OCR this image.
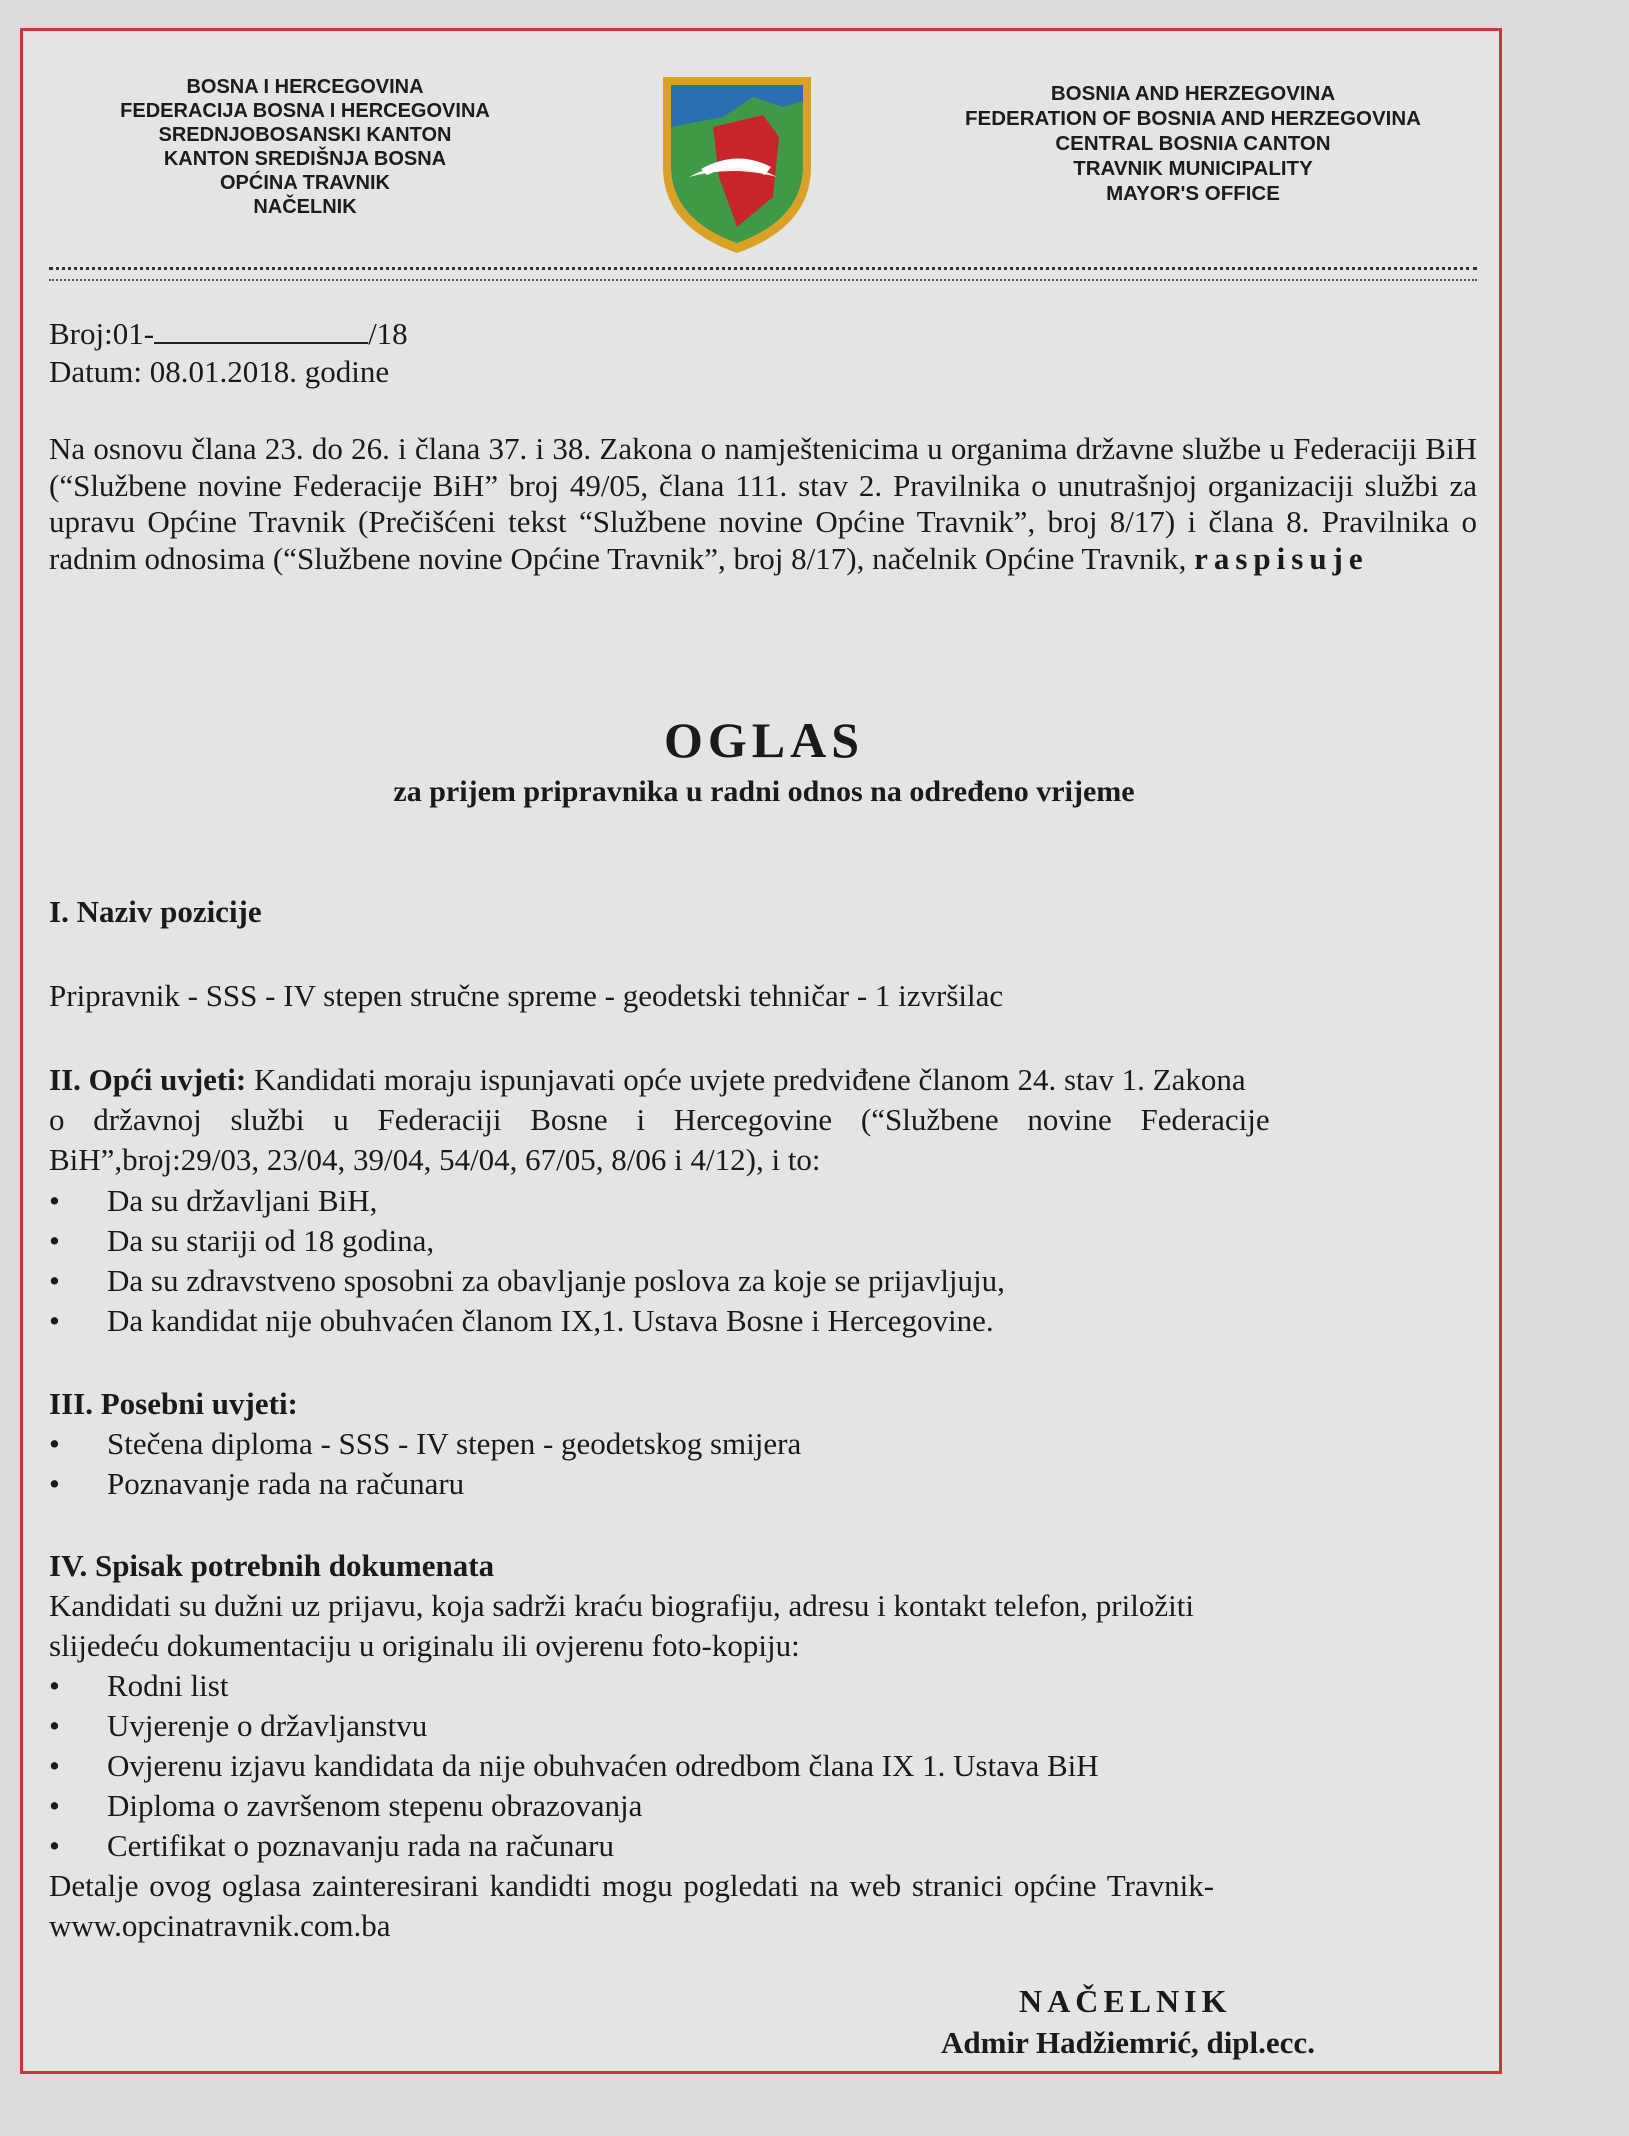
BOSNA I HERCEGOVINA
FEDERACIJA BOSNA I HERCEGOVINA
SREDNJOBOSANSKI KANTON
KANTON SREDIŠNJA BOSNA
OPĆINA TRAVNIK
NAČELNIK
BOSNIA AND HERZEGOVINA
FEDERATION OF BOSNIA AND HERZEGOVINA
CENTRAL BOSNIA CANTON
TRAVNIK MUNICIPALITY
MAYOR'S OFFICE
Broj:01-	/18
Datum: 08.01.2018. godine
Na osnovu člana 23. do 26. i člana 37. i 38. Zakona o namještenicima u organima državne službe u Federaciji BiH (“Službene novine Federacije BiH” broj 49/05, člana 111. stav 2. Pravilnika o unutrašnjoj organizaciji službi za upravu Općine Travnik (Prečišćeni tekst “Službene novine Općine Travnik”, broj 8/17) i člana 8. Pravilnika o radnim odnosima (“Službene novine Općine Travnik”, broj 8/17), načelnik Općine Travnik, raspisuje
OGLAS
za prijem pripravnika u radni odnos na određeno vrijeme
I. Naziv pozicije
Pripravnik - SSS - IV stepen stručne spreme - geodetski tehničar - 1 izvršilac
II. Opći uvjeti: Kandidati moraju ispunjavati opće uvjete predviđene članom 24. stav 1. Zakona
o državnoj službi u Federaciji Bosne i Hercegovine (“Službene novine Federacije
BiH”,broj:29/03, 23/04, 39/04, 54/04, 67/05, 8/06 i 4/12), i to:
• Da su državljani BiH,
• Da su stariji od 18 godina,
• Da su zdravstveno sposobni za obavljanje poslova za koje se prijavljuju,
• Da kandidat nije obuhvaćen članom IX,1. Ustava Bosne i Hercegovine.
III. Posebni uvjeti:
• Stečena diploma - SSS - IV stepen - geodetskog smijera
• Poznavanje rada na računaru
IV. Spisak potrebnih dokumenata
Kandidati su dužni uz prijavu, koja sadrži kraću biografiju, adresu i kontakt telefon, priložiti
slijedeću dokumentaciju u originalu ili ovjerenu foto-kopiju:
• Rodni list
• Uvjerenje o državljanstvu
• Ovjerenu izjavu kandidata da nije obuhvaćen odredbom člana IX 1. Ustava BiH
• Diploma o završenom stepenu obrazovanja
• Certifikat o poznavanju rada na računaru
Detalje ovog oglasa zainteresirani kandidti mogu pogledati na web stranici općine Travnik-
www.opcinatravnik.com.ba
NAČELNIK
Admir Hadžiemrić, dipl.ecc.
